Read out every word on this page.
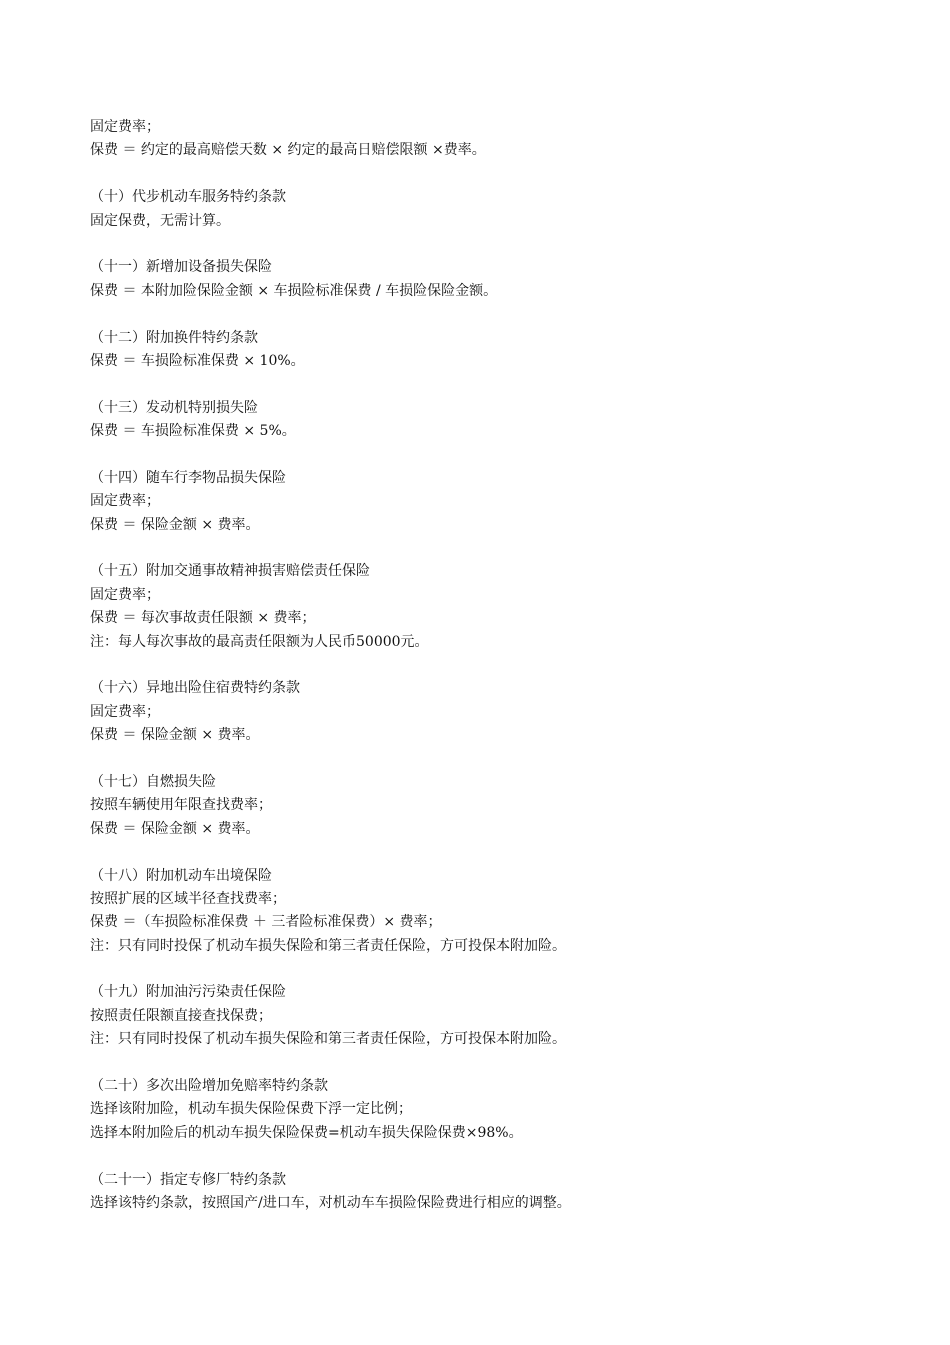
固定费率；
保费 ＝ 约定的最高赔偿天数 × 约定的最高日赔偿限额 ×费率。
（十）代步机动车服务特约条款
固定保费，无需计算。
（十一）新增加设备损失保险
保费 ＝ 本附加险保险金额 × 车损险标准保费 / 车损险保险金额。
（十二）附加换件特约条款
保费 ＝ 车损险标准保费 × 10%。
（十三）发动机特别损失险
保费 ＝ 车损险标准保费 × 5%。
（十四）随车行李物品损失保险
固定费率；
保费 ＝ 保险金额 × 费率。
（十五）附加交通事故精神损害赔偿责任保险
固定费率；
保费 ＝ 每次事故责任限额 × 费率；
注：每人每次事故的最高责任限额为人民币50000元。
（十六）异地出险住宿费特约条款
固定费率；
保费 ＝ 保险金额 × 费率。
（十七）自燃损失险
按照车辆使用年限查找费率；
保费 ＝ 保险金额 × 费率。
（十八）附加机动车出境保险
按照扩展的区域半径查找费率；
保费 ＝（车损险标准保费 ＋ 三者险标准保费）× 费率；
注：只有同时投保了机动车损失保险和第三者责任保险，方可投保本附加险。
（十九）附加油污污染责任保险
按照责任限额直接查找保费；
注：只有同时投保了机动车损失保险和第三者责任保险，方可投保本附加险。
（二十）多次出险增加免赔率特约条款
选择该附加险，机动车损失保险保费下浮一定比例；
选择本附加险后的机动车损失保险保费=机动车损失保险保费×98%。
（二十一）指定专修厂特约条款
选择该特约条款，按照国产/进口车，对机动车车损险保险费进行相应的调整。
